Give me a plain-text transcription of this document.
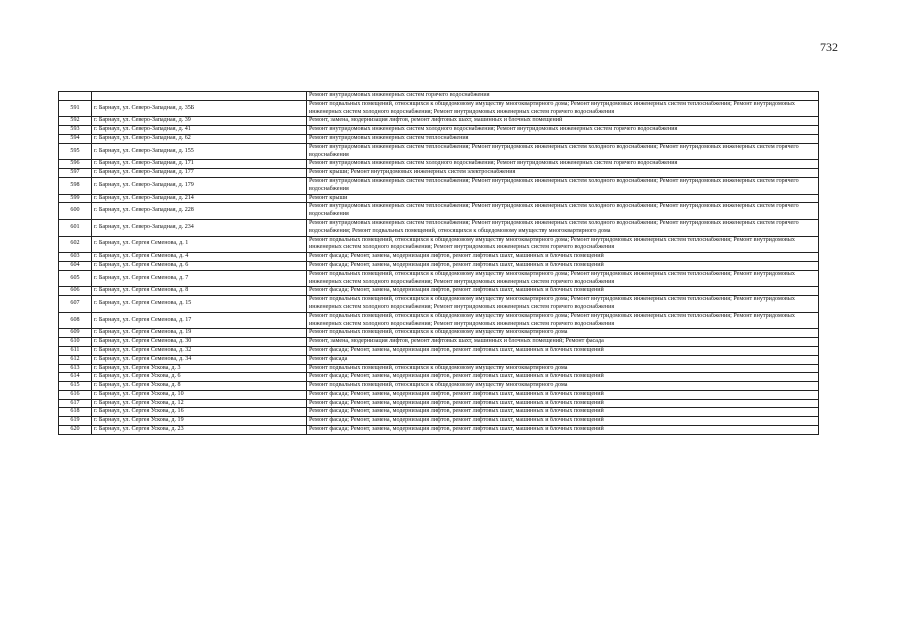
732
		Ремонт внутридомовых инженерных систем горячего водоснабжения
591	г. Барнаул, ул. Северо-Западная, д. 35Б	Ремонт подвальных помещений, относящихся к общедомовому имуществу многоквартирного дома; Ремонт внутридомовых инженерных систем теплоснабжения; Ремонт внутридомовых инженерных систем холодного водоснабжения; Ремонт внутридомовых инженерных систем горячего водоснабжения
592	г. Барнаул, ул. Северо-Западная, д. 39	Ремонт, замена, модернизация лифтов, ремонт лифтовых шахт, машинных и блочных помещений
593	г. Барнаул, ул. Северо-Западная, д. 41	Ремонт внутридомовых инженерных систем холодного водоснабжения; Ремонт внутридомовых инженерных систем горячего водоснабжения
594	г. Барнаул, ул. Северо-Западная, д. 62	Ремонт внутридомовых инженерных систем теплоснабжения
595	г. Барнаул, ул. Северо-Западная, д. 155	Ремонт внутридомовых инженерных систем теплоснабжения; Ремонт внутридомовых инженерных систем холодного водоснабжения; Ремонт внутридомовых инженерных систем горячего водоснабжения
596	г. Барнаул, ул. Северо-Западная, д. 171	Ремонт внутридомовых инженерных систем холодного водоснабжения; Ремонт внутридомовых инженерных систем горячего водоснабжения
597	г. Барнаул, ул. Северо-Западная, д. 177	Ремонт крыши; Ремонт внутридомовых инженерных систем электроснабжения
598	г. Барнаул, ул. Северо-Западная, д. 179	Ремонт внутридомовых инженерных систем теплоснабжения; Ремонт внутридомовых инженерных систем холодного водоснабжения; Ремонт внутридомовых инженерных систем горячего водоснабжения
599	г. Барнаул, ул. Северо-Западная, д. 214	Ремонт крыши
600	г. Барнаул, ул. Северо-Западная, д. 228	Ремонт внутридомовых инженерных систем теплоснабжения; Ремонт внутридомовых инженерных систем холодного водоснабжения; Ремонт внутридомовых инженерных систем горячего водоснабжения
601	г. Барнаул, ул. Северо-Западная, д. 234	Ремонт внутридомовых инженерных систем теплоснабжения; Ремонт внутридомовых инженерных систем холодного водоснабжения; Ремонт внутридомовых инженерных систем горячего водоснабжения; Ремонт подвальных помещений, относящихся к общедомовому имуществу многоквартирного дома
602	г. Барнаул, ул. Сергея Семенова, д. 1	Ремонт подвальных помещений, относящихся к общедомовому имуществу многоквартирного дома; Ремонт внутридомовых инженерных систем теплоснабжения; Ремонт внутридомовых инженерных систем холодного водоснабжения; Ремонт внутридомовых инженерных систем горячего водоснабжения
603	г. Барнаул, ул. Сергея Семенова, д. 4	Ремонт фасада; Ремонт, замена, модернизация лифтов, ремонт лифтовых шахт, машинных и блочных помещений
604	г. Барнаул, ул. Сергея Семенова, д. 6	Ремонт фасада; Ремонт, замена, модернизация лифтов, ремонт лифтовых шахт, машинных и блочных помещений
605	г. Барнаул, ул. Сергея Семенова, д. 7	Ремонт подвальных помещений, относящихся к общедомовому имуществу многоквартирного дома; Ремонт внутридомовых инженерных систем теплоснабжения; Ремонт внутридомовых инженерных систем холодного водоснабжения; Ремонт внутридомовых инженерных систем горячего водоснабжения
606	г. Барнаул, ул. Сергея Семенова, д. 8	Ремонт фасада; Ремонт, замена, модернизация лифтов, ремонт лифтовых шахт, машинных и блочных помещений
607	г. Барнаул, ул. Сергея Семенова, д. 15	Ремонт подвальных помещений, относящихся к общедомовому имуществу многоквартирного дома; Ремонт внутридомовых инженерных систем теплоснабжения; Ремонт внутридомовых инженерных систем холодного водоснабжения; Ремонт внутридомовых инженерных систем горячего водоснабжения
608	г. Барнаул, ул. Сергея Семенова, д. 17	Ремонт подвальных помещений, относящихся к общедомовому имуществу многоквартирного дома; Ремонт внутридомовых инженерных систем теплоснабжения; Ремонт внутридомовых инженерных систем холодного водоснабжения; Ремонт внутридомовых инженерных систем горячего водоснабжения
609	г. Барнаул, ул. Сергея Семенова, д. 19	Ремонт подвальных помещений, относящихся к общедомовому имуществу многоквартирного дома
610	г. Барнаул, ул. Сергея Семенова, д. 30	Ремонт, замена, модернизация лифтов, ремонт лифтовых шахт, машинных и блочных помещений; Ремонт фасада
611	г. Барнаул, ул. Сергея Семенова, д. 32	Ремонт фасада; Ремонт, замена, модернизация лифтов, ремонт лифтовых шахт, машинных и блочных помещений
612	г. Барнаул, ул. Сергея Семенова, д. 34	Ремонт фасада
613	г. Барнаул, ул. Сергея Ускова, д. 3	Ремонт подвальных помещений, относящихся к общедомовому имуществу многоквартирного дома
614	г. Барнаул, ул. Сергея Ускова, д. 6	Ремонт фасада; Ремонт, замена, модернизация лифтов, ремонт лифтовых шахт, машинных и блочных помещений
615	г. Барнаул, ул. Сергея Ускова, д. 8	Ремонт подвальных помещений, относящихся к общедомовому имуществу многоквартирного дома
616	г. Барнаул, ул. Сергея Ускова, д. 10	Ремонт фасада; Ремонт, замена, модернизация лифтов, ремонт лифтовых шахт, машинных и блочных помещений
617	г. Барнаул, ул. Сергея Ускова, д. 12	Ремонт фасада; Ремонт, замена, модернизация лифтов, ремонт лифтовых шахт, машинных и блочных помещений
618	г. Барнаул, ул. Сергея Ускова, д. 16	Ремонт фасада; Ремонт, замена, модернизация лифтов, ремонт лифтовых шахт, машинных и блочных помещений
619	г. Барнаул, ул. Сергея Ускова, д. 19	Ремонт фасада; Ремонт, замена, модернизация лифтов, ремонт лифтовых шахт, машинных и блочных помещений
620	г. Барнаул, ул. Сергея Ускова, д. 23	Ремонт фасада; Ремонт, замена, модернизация лифтов, ремонт лифтовых шахт, машинных и блочных помещений
